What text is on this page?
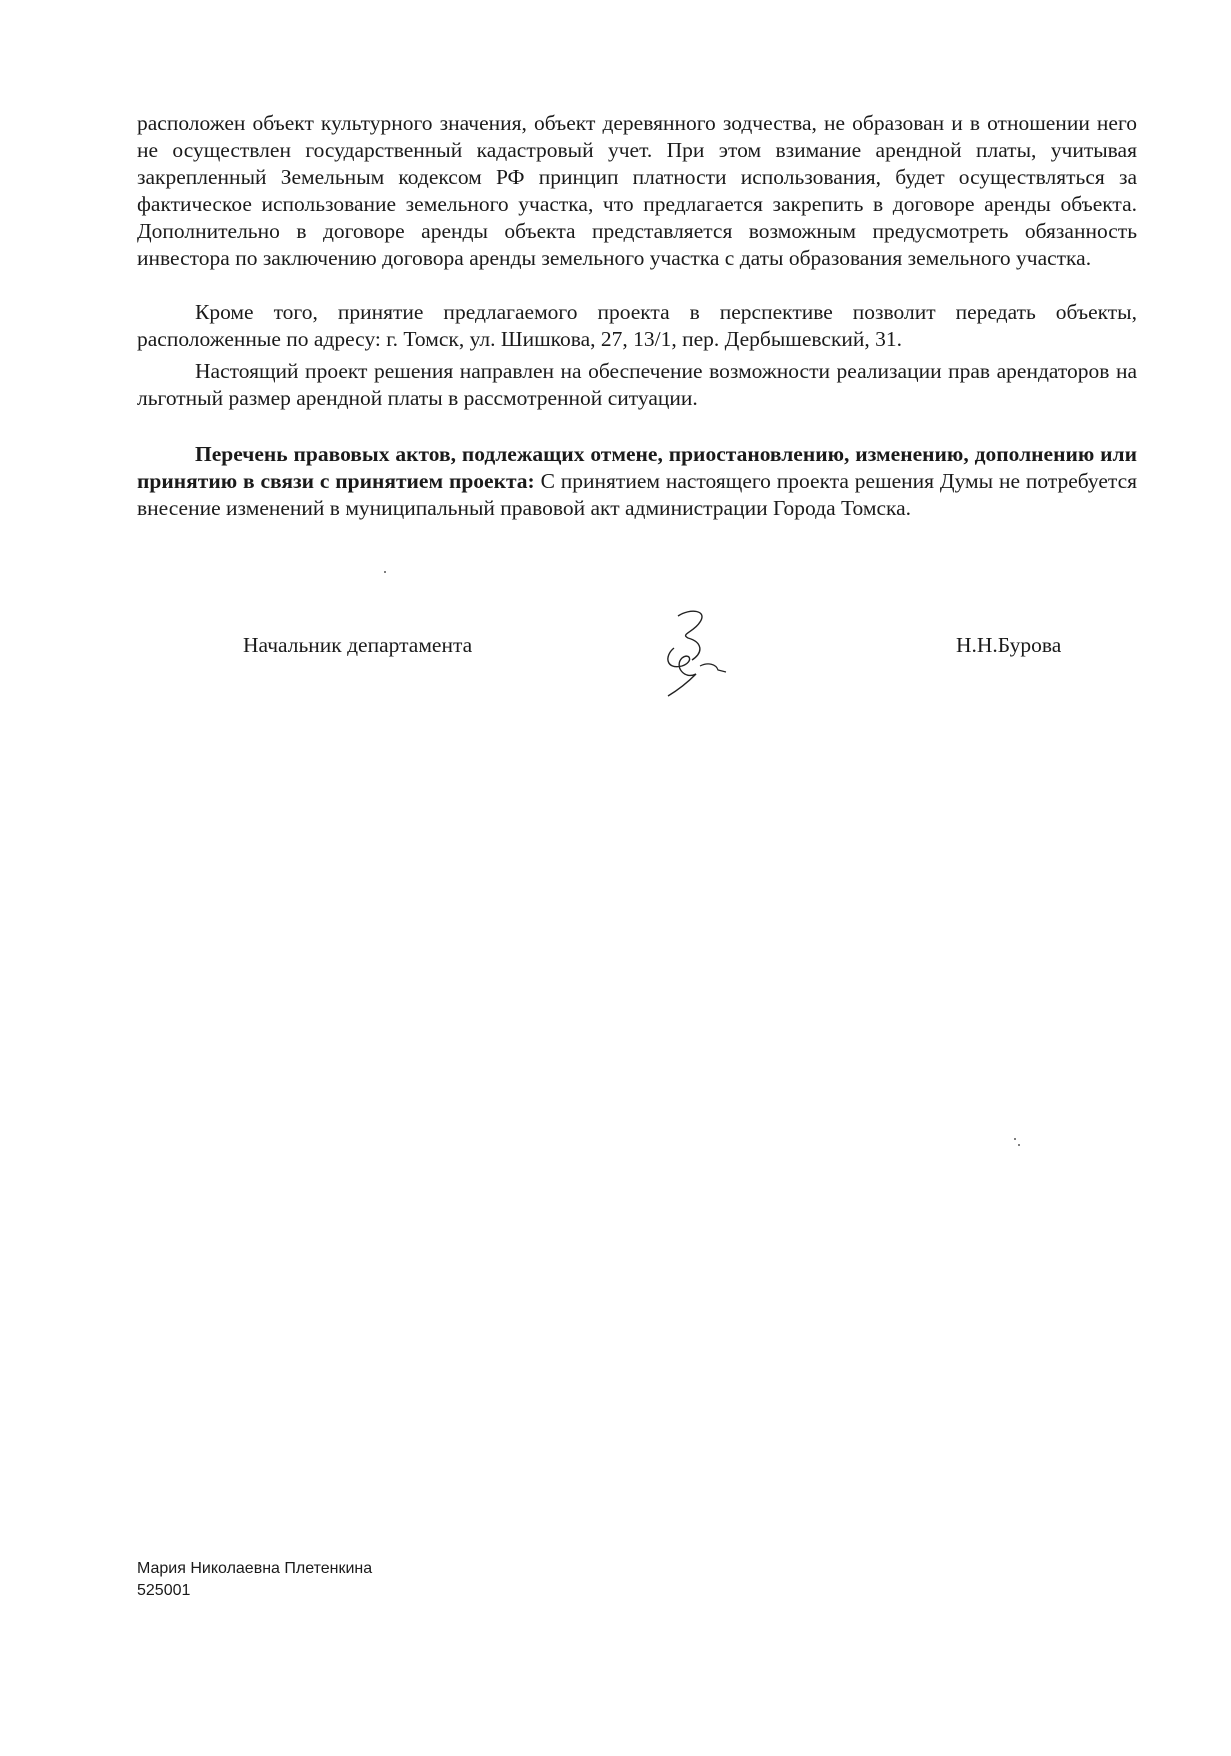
расположен объект культурного значения, объект деревянного зодчества, не образован и в отношении него не осуществлен государственный кадастровый учет. При этом взимание арендной платы, учитывая закрепленный Земельным кодексом РФ принцип платности использования, будет осуществляться за фактическое использование земельного участка, что предлагается закрепить в договоре аренды объекта. Дополнительно в договоре аренды объекта представляется возможным предусмотреть обязанность инвестора по заключению договора аренды земельного участка с даты образования земельного участка.

Кроме того, принятие предлагаемого проекта в перспективе позволит передать объекты, расположенные по адресу: г. Томск, ул. Шишкова, 27, 13/1, пер. Дербышевский, 31.

Настоящий проект решения направлен на обеспечение возможности реализации прав арендаторов на льготный размер арендной платы в рассмотренной ситуации.

Перечень правовых актов, подлежащих отмене, приостановлению, изменению, дополнению или принятию в связи с принятием проекта: С принятием настоящего проекта решения Думы не потребуется внесение изменений в муниципальный правовой акт администрации Города Томска.

Начальник департамента	Н.Н.Бурова
Мария Николаевна Плетенкина
525001
